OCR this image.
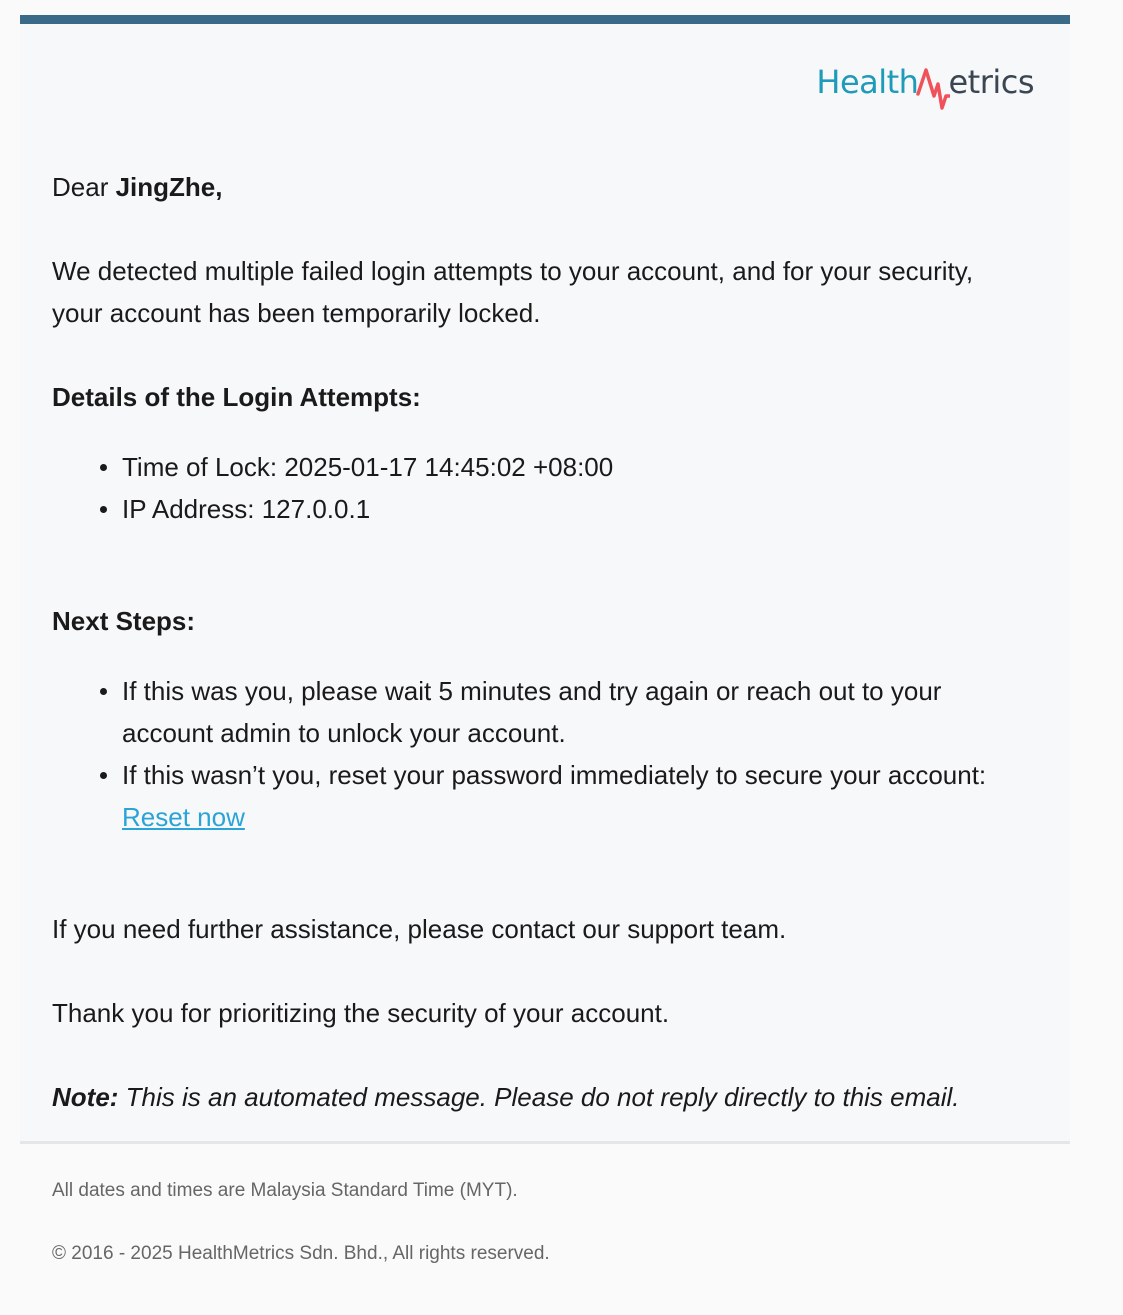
Health etrics

Dear JingZhe,

We detected multiple failed login attempts to your account, and for your security, your account has been temporarily locked.

Details of the Login Attempts:

Time of Lock: 2025-01-17 14:45:02 +08:00
IP Address: 127.0.0.1

Next Steps:

If this was you, please wait 5 minutes and try again or reach out to your account admin to unlock your account.
If this wasn’t you, reset your password immediately to secure your account: Reset now

If you need further assistance, please contact our support team.

Thank you for prioritizing the security of your account.

Note: This is an automated message. Please do not reply directly to this email.

All dates and times are Malaysia Standard Time (MYT).
© 2016 - 2025 HealthMetrics Sdn. Bhd., All rights reserved.
